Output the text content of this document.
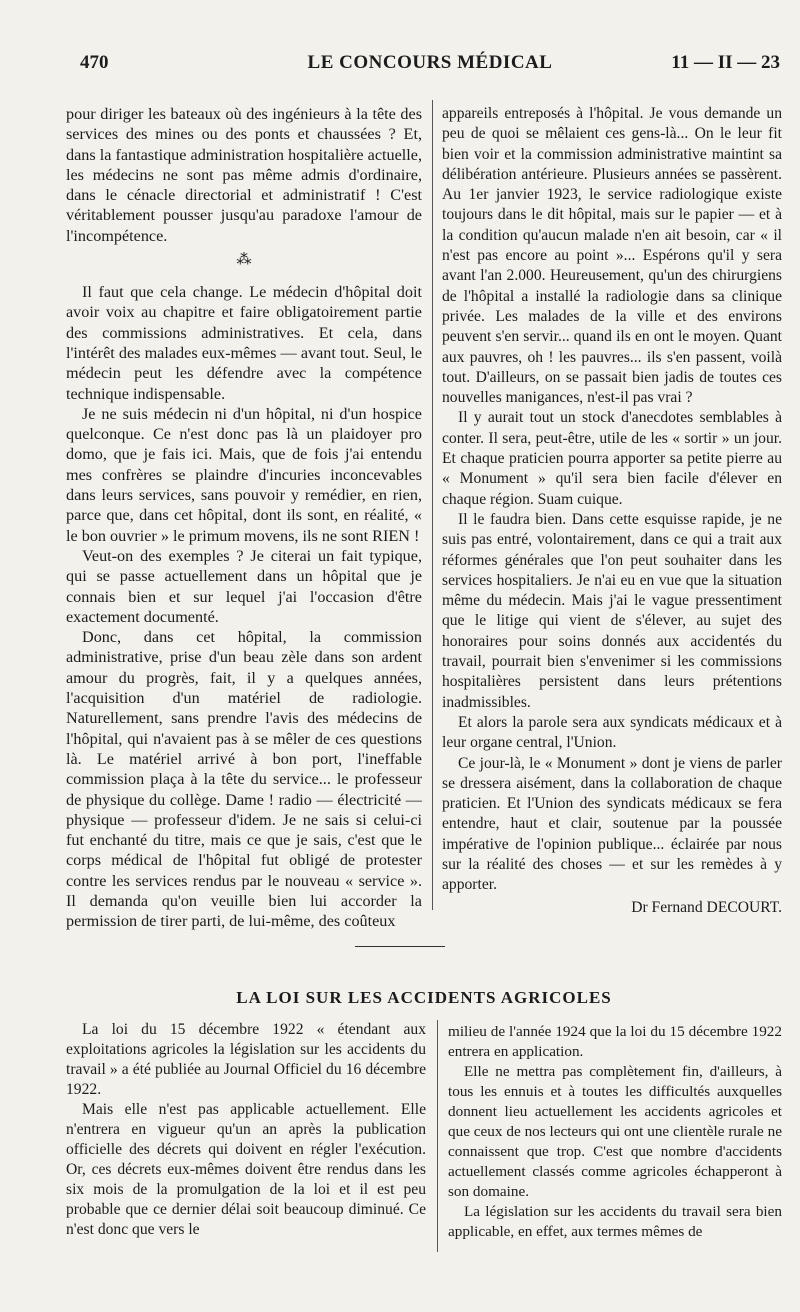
470	LE CONCOURS MÉDICAL	11 — II — 23

pour diriger les bateaux où des ingénieurs à la tête des services des mines ou des ponts et chaussées ? Et, dans la fantastique administration hospitalière actuelle, les médecins ne sont pas même admis d'ordinaire, dans le cénacle directorial et administratif ! C'est véritablement pousser jusqu'au paradoxe l'amour de l'incompétence.

⁂

Il faut que cela change. Le médecin d'hôpital doit avoir voix au chapitre et faire obligatoirement partie des commissions administratives. Et cela, dans l'intérêt des malades eux-mêmes — avant tout. Seul, le médecin peut les défendre avec la compétence technique indispensable.

Je ne suis médecin ni d'un hôpital, ni d'un hospice quelconque. Ce n'est donc pas là un plaidoyer pro domo, que je fais ici. Mais, que de fois j'ai entendu mes confrères se plaindre d'incuries inconcevables dans leurs services, sans pouvoir y remédier, en rien, parce que, dans cet hôpital, dont ils sont, en réalité, « le bon ouvrier » le primum movens, ils ne sont RIEN !

Veut-on des exemples ? Je citerai un fait typique, qui se passe actuellement dans un hôpital que je connais bien et sur lequel j'ai l'occasion d'être exactement documenté.

Donc, dans cet hôpital, la commission administrative, prise d'un beau zèle dans son ardent amour du progrès, fait, il y a quelques années, l'acquisition d'un matériel de radiologie. Naturellement, sans prendre l'avis des médecins de l'hôpital, qui n'avaient pas à se mêler de ces questions là. Le matériel arrivé à bon port, l'ineffable commission plaça à la tête du service... le professeur de physique du collège. Dame ! radio — électricité — physique — professeur d'idem. Je ne sais si celui-ci fut enchanté du titre, mais ce que je sais, c'est que le corps médical de l'hôpital fut obligé de protester contre les services rendus par le nouveau « service ». Il demanda qu'on veuille bien lui accorder la permission de tirer parti, de lui-même, des coûteux

appareils entreposés à l'hôpital. Je vous demande un peu de quoi se mêlaient ces gens-là... On le leur fit bien voir et la commission administrative maintint sa délibération antérieure. Plusieurs années se passèrent. Au 1er janvier 1923, le service radiologique existe toujours dans le dit hôpital, mais sur le papier — et à la condition qu'aucun malade n'en ait besoin, car « il n'est pas encore au point »... Espérons qu'il y sera avant l'an 2.000. Heureusement, qu'un des chirurgiens de l'hôpital a installé la radiologie dans sa clinique privée. Les malades de la ville et des environs peuvent s'en servir... quand ils en ont le moyen. Quant aux pauvres, oh ! les pauvres... ils s'en passent, voilà tout. D'ailleurs, on se passait bien jadis de toutes ces nouvelles manigances, n'est-il pas vrai ?

Il y aurait tout un stock d'anecdotes semblables à conter. Il sera, peut-être, utile de les « sortir » un jour. Et chaque praticien pourra apporter sa petite pierre au « Monument » qu'il sera bien facile d'élever en chaque région. Suam cuique.

Il le faudra bien. Dans cette esquisse rapide, je ne suis pas entré, volontairement, dans ce qui a trait aux réformes générales que l'on peut souhaiter dans les services hospitaliers. Je n'ai eu en vue que la situation même du médecin. Mais j'ai le vague pressentiment que le litige qui vient de s'élever, au sujet des honoraires pour soins donnés aux accidentés du travail, pourrait bien s'envenimer si les commissions hospitalières persistent dans leurs prétentions inadmissibles.

Et alors la parole sera aux syndicats médicaux et à leur organe central, l'Union.

Ce jour-là, le « Monument » dont je viens de parler se dressera aisément, dans la collaboration de chaque praticien. Et l'Union des syndicats médicaux se fera entendre, haut et clair, soutenue par la poussée impérative de l'opinion publique... éclairée par nous sur la réalité des choses — et sur les remèdes à y apporter.

Dr Fernand DECOURT.
LA LOI SUR LES ACCIDENTS AGRICOLES

La loi du 15 décembre 1922 « étendant aux exploitations agricoles la législation sur les accidents du travail » a été publiée au Journal Officiel du 16 décembre 1922.

Mais elle n'est pas applicable actuellement. Elle n'entrera en vigueur qu'un an après la publication officielle des décrets qui doivent en régler l'exécution. Or, ces décrets eux-mêmes doivent être rendus dans les six mois de la promulgation de la loi et il est peu probable que ce dernier délai soit beaucoup diminué. Ce n'est donc que vers le

milieu de l'année 1924 que la loi du 15 décembre 1922 entrera en application.

Elle ne mettra pas complètement fin, d'ailleurs, à tous les ennuis et à toutes les difficultés auxquelles donnent lieu actuellement les accidents agricoles et que ceux de nos lecteurs qui ont une clientèle rurale ne connaissent que trop. C'est que nombre d'accidents actuellement classés comme agricoles échapperont à son domaine.

La législation sur les accidents du travail sera bien applicable, en effet, aux termes mêmes de
